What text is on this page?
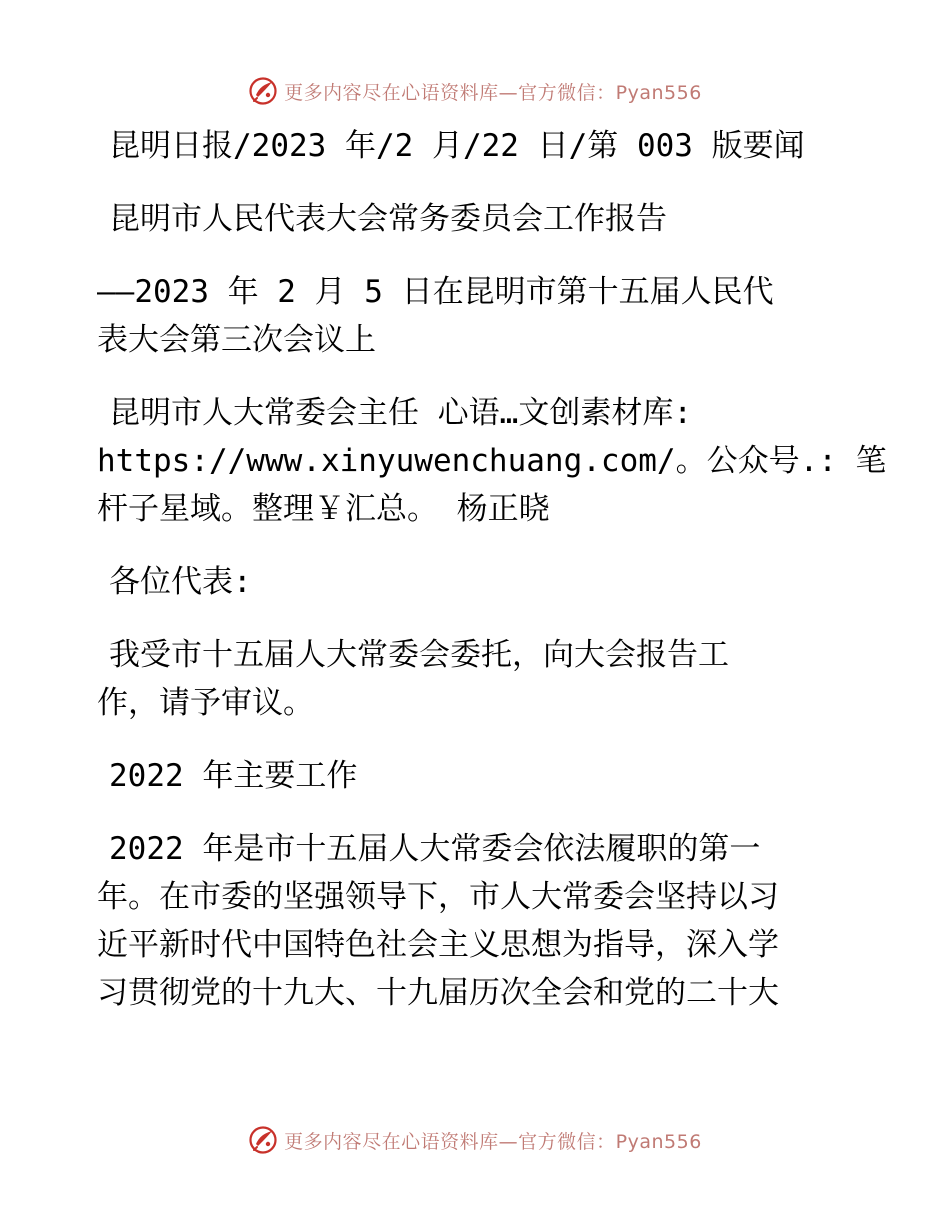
更多内容尽在心语资料库—官方微信：Pyan556

昆明日报/2023 年/2 月/22 日/第 003 版要闻

昆明市人民代表大会常务委员会工作报告

——2023 年 2 月 5 日在昆明市第十五届人民代

表大会第三次会议上

昆明市人大常委会主任 心语…文创素材库:

https://www.xinyuwenchuang.com/。公众号.: 笔

杆子星域。整理￥汇总。 杨正晓

各位代表:

我受市十五届人大常委会委托，向大会报告工

作，请予审议。

2022 年主要工作

2022 年是市十五届人大常委会依法履职的第一

年。在市委的坚强领导下，市人大常委会坚持以习

近平新时代中国特色社会主义思想为指导，深入学

习贯彻党的十九大、十九届历次全会和党的二十大

更多内容尽在心语资料库—官方微信：Pyan556
